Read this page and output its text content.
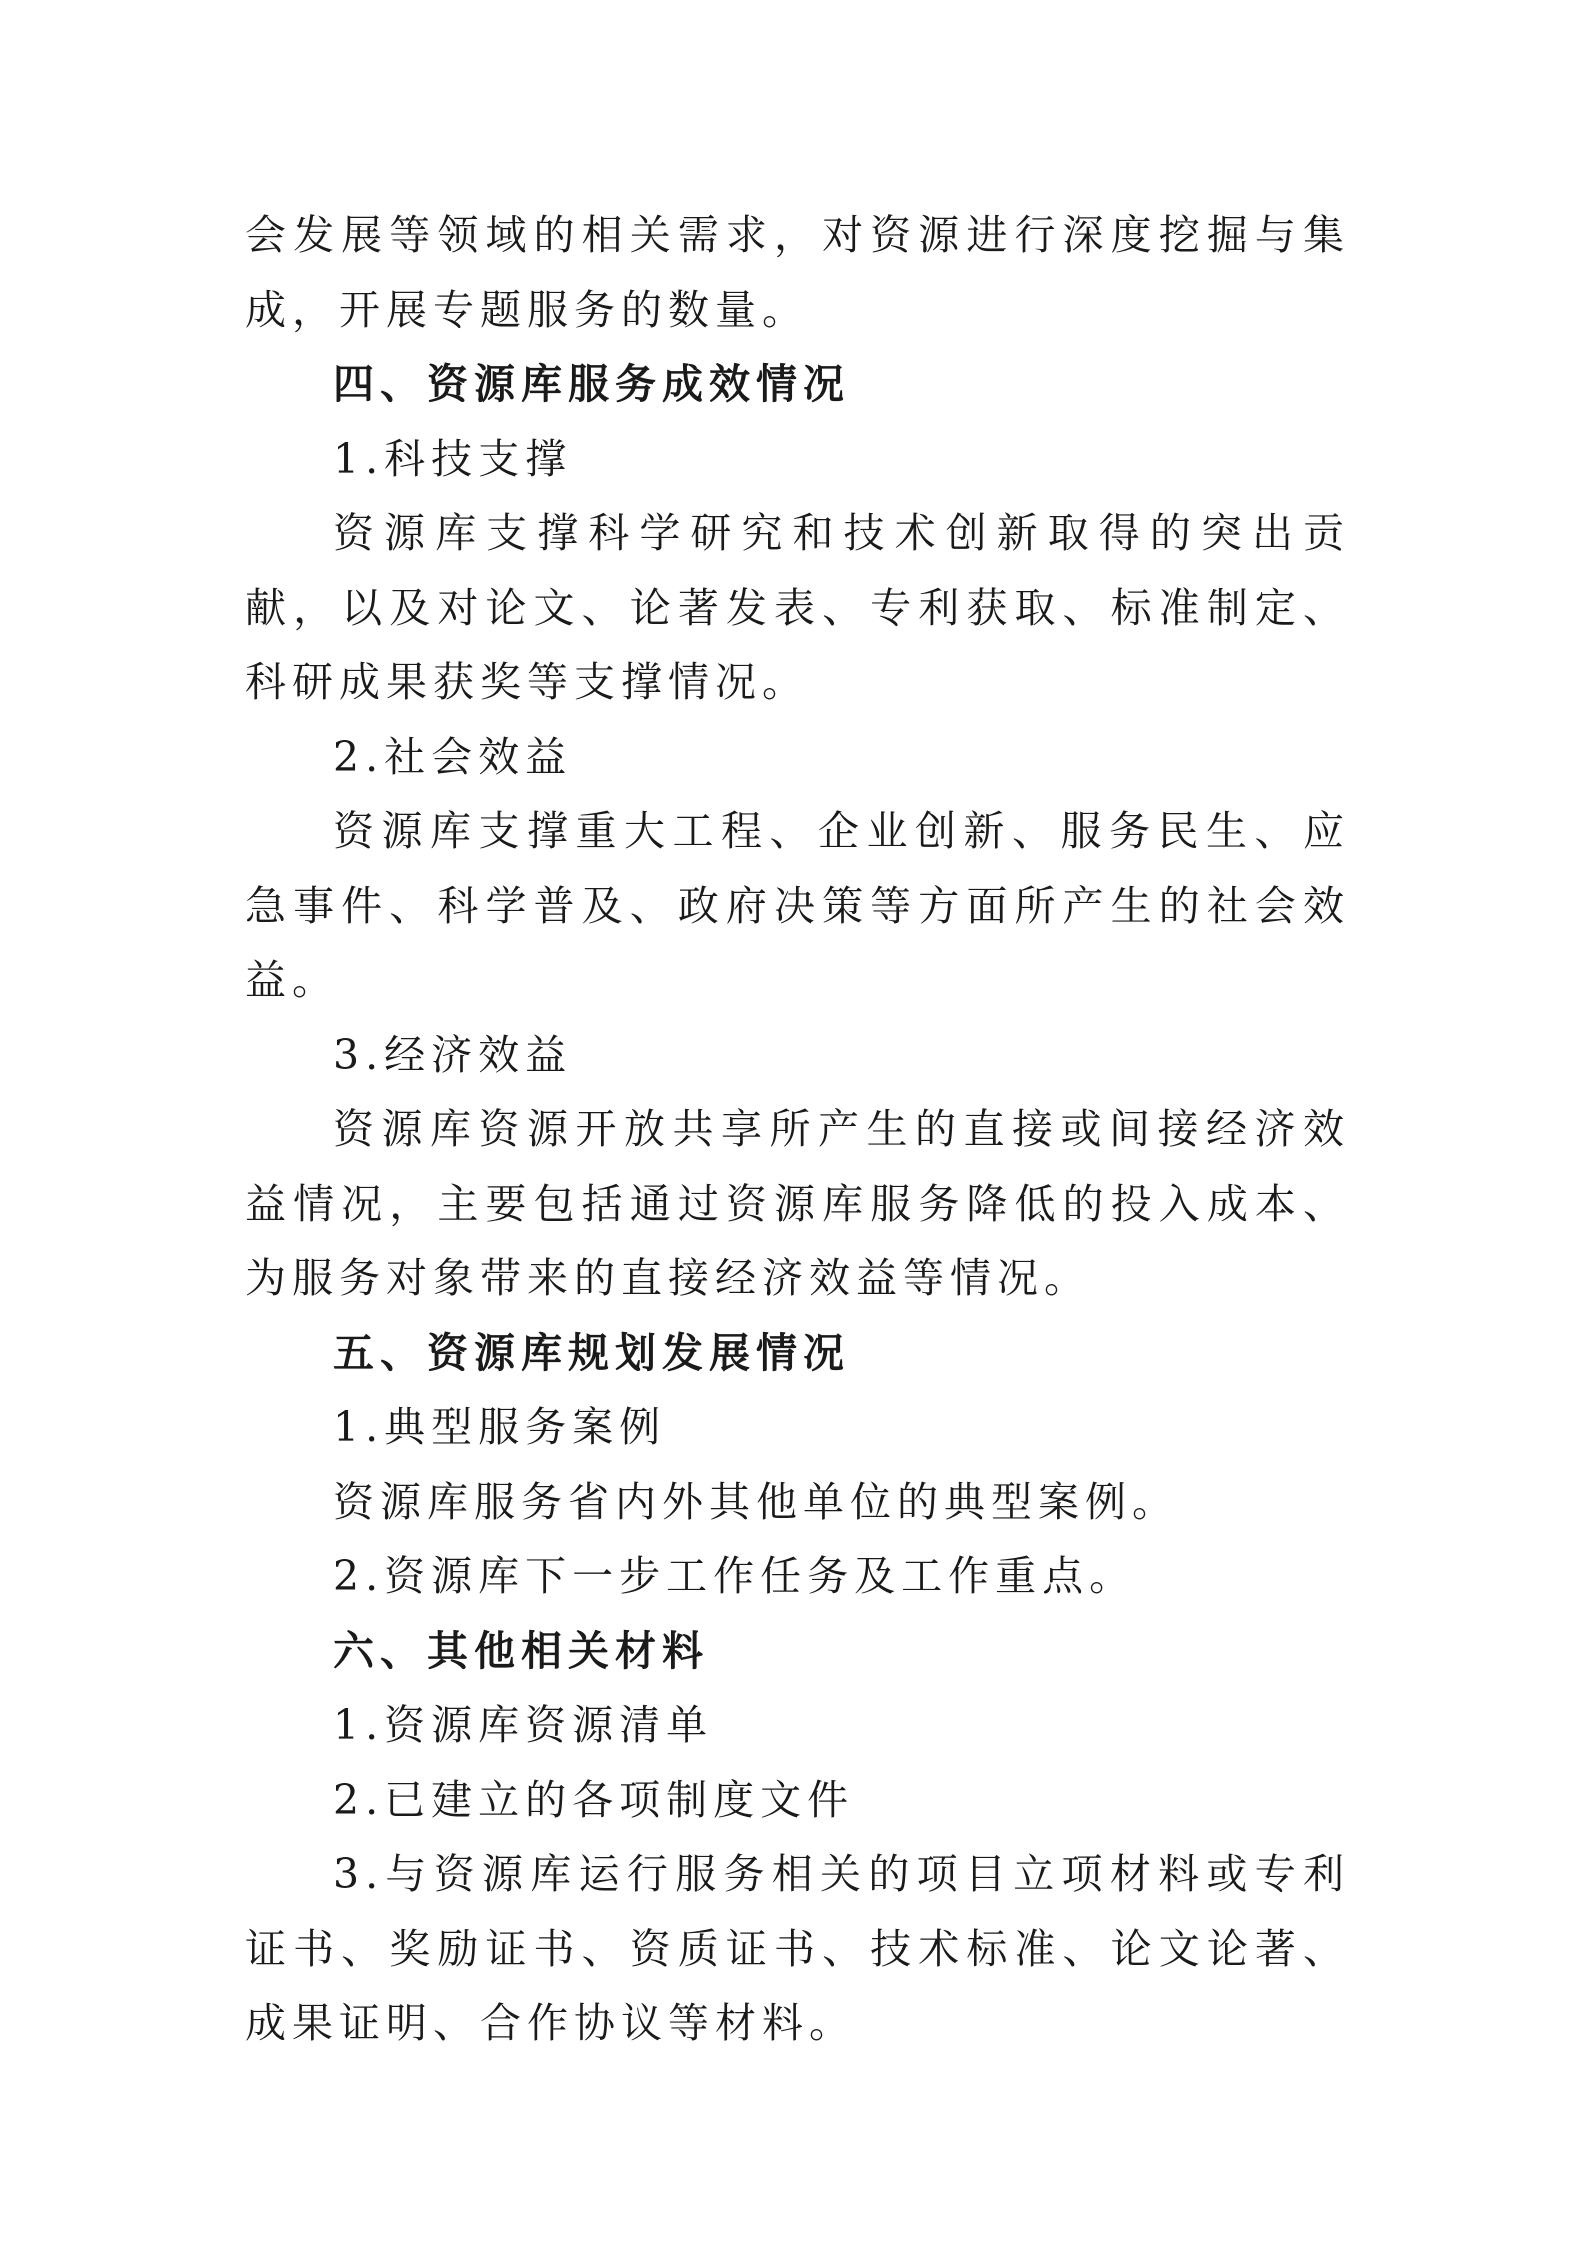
会发展等领域的相关需求，对资源进行深度挖掘与集成，开展专题服务的数量。

四、资源库服务成效情况

1.科技支撑

资源库支撑科学研究和技术创新取得的突出贡献，以及对论文、论著发表、专利获取、标准制定、科研成果获奖等支撑情况。

2.社会效益

资源库支撑重大工程、企业创新、服务民生、应急事件、科学普及、政府决策等方面所产生的社会效益。

3.经济效益

资源库资源开放共享所产生的直接或间接经济效益情况，主要包括通过资源库服务降低的投入成本、为服务对象带来的直接经济效益等情况。

五、资源库规划发展情况

1.典型服务案例

资源库服务省内外其他单位的典型案例。

2.资源库下一步工作任务及工作重点。

六、其他相关材料

1.资源库资源清单

2.已建立的各项制度文件

3.与资源库运行服务相关的项目立项材料或专利证书、奖励证书、资质证书、技术标准、论文论著、成果证明、合作协议等材料。
